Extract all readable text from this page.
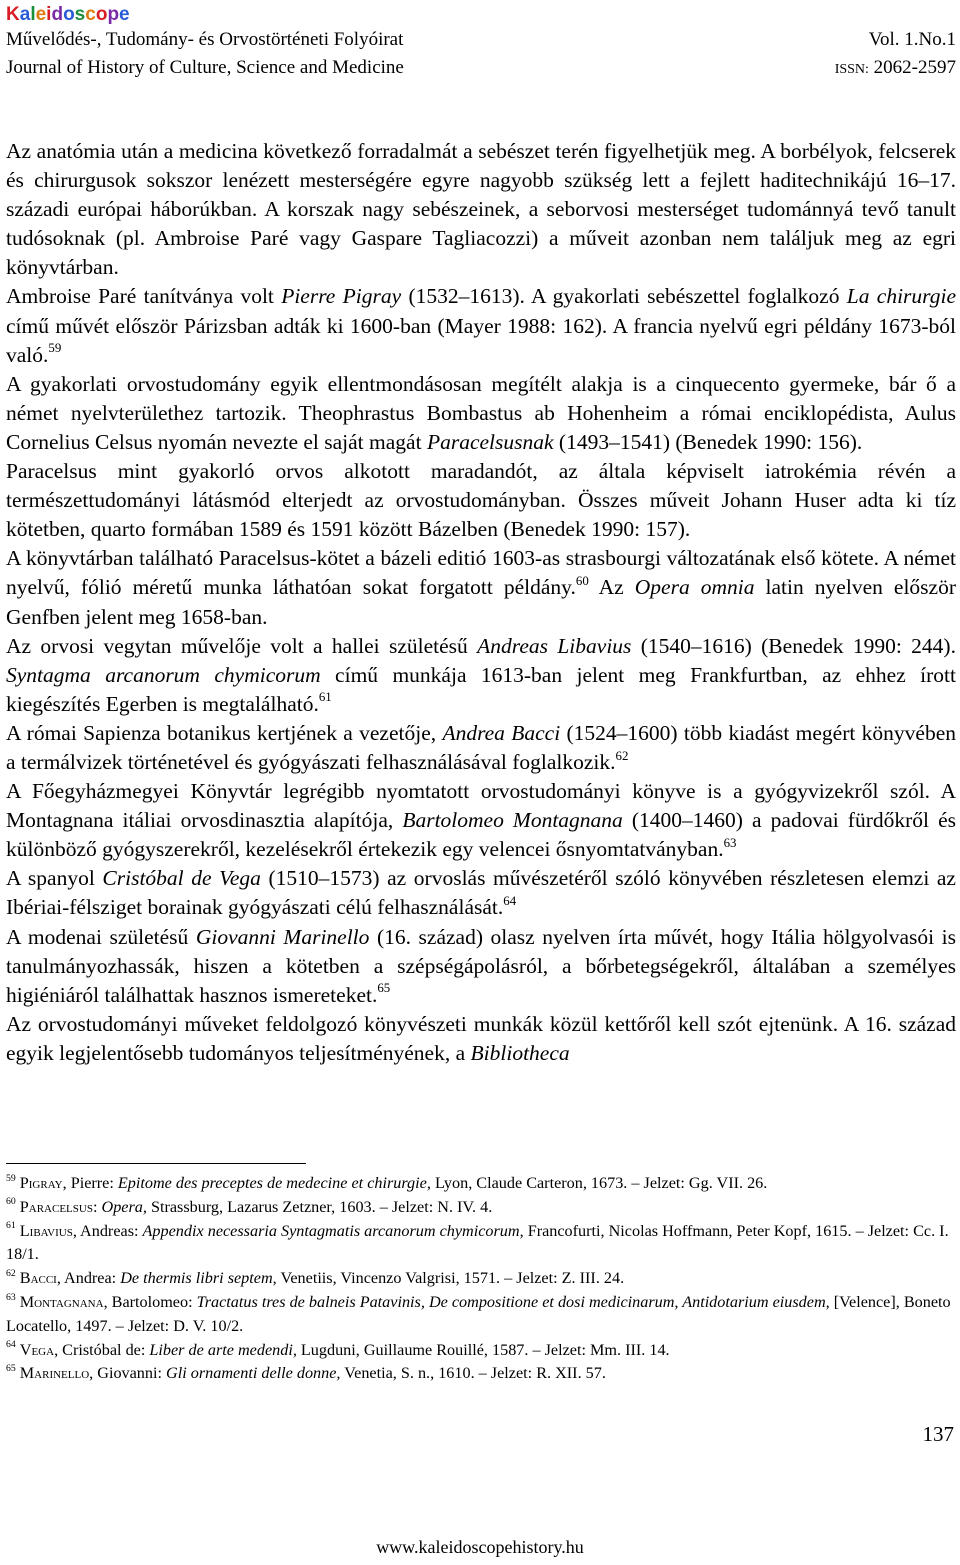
Kaleidoscope
Művelődés-, Tudomány- és Orvostörténeti Folyóirat	Vol. 1.No.1
Journal of History of Culture, Science and Medicine	ISSN: 2062-2597

Az anatómia után a medicina következő forradalmát a sebészet terén figyelhetjük meg. A borbélyok, felcserek és chirurgusok sokszor lenézett mesterségére egyre nagyobb szükség lett a fejlett haditechnikájú 16–17. századi európai háborúkban. A korszak nagy sebészeinek, a seborvosi mesterséget tudománnyá tevő tanult tudósoknak (pl. Ambroise Paré vagy Gaspare Tagliacozzi) a műveit azonban nem találjuk meg az egri könyvtárban.

Ambroise Paré tanítványa volt Pierre Pigray (1532–1613). A gyakorlati sebészettel foglalkozó La chirurgie című művét először Párizsban adták ki 1600-ban (Mayer 1988: 162). A francia nyelvű egri példány 1673-ból való.$^{59}$

A gyakorlati orvostudomány egyik ellentmondásosan megítélt alakja is a cinquecento gyermeke, bár ő a német nyelvterülethez tartozik. Theophrastus Bombastus ab Hohenheim a római enciklopédista, Aulus Cornelius Celsus nyomán nevezte el saját magát Paracelsusnak (1493–1541) (Benedek 1990: 156).

Paracelsus mint gyakorló orvos alkotott maradandót, az általa képviselt iatrokémia révén a természettudományi látásmód elterjedt az orvostudományban. Összes műveit Johann Huser adta ki tíz kötetben, quarto formában 1589 és 1591 között Bázelben (Benedek 1990: 157).

A könyvtárban található Paracelsus-kötet a bázeli editió 1603-as strasbourgi változatának első kötete. A német nyelvű, fólió méretű munka láthatóan sokat forgatott példány.$^{60}$ Az Opera omnia latin nyelven először Genfben jelent meg 1658-ban.

Az orvosi vegytan művelője volt a hallei születésű Andreas Libavius (1540–1616) (Benedek 1990: 244). Syntagma arcanorum chymicorum című munkája 1613-ban jelent meg Frankfurtban, az ehhez írott kiegészítés Egerben is megtalálható.$^{61}$

A római Sapienza botanikus kertjének a vezetője, Andrea Bacci (1524–1600) több kiadást megért könyvében a termálvizek történetével és gyógyászati felhasználásával foglalkozik.$^{62}$

A Főegyházmegyei Könyvtár legrégibb nyomtatott orvostudományi könyve is a gyógyvizekről szól. A Montagnana itáliai orvosdinasztia alapítója, Bartolomeo Montagnana (1400–1460) a padovai fürdőkről és különböző gyógyszerekről, kezelésekről értekezik egy velencei ősnyomtatványban.$^{63}$

A spanyol Cristóbal de Vega (1510–1573) az orvoslás művészetéről szóló könyvében részletesen elemzi az Ibériai-félsziget borainak gyógyászati célú felhasználását.$^{64}$

A modenai születésű Giovanni Marinello (16. század) olasz nyelven írta művét, hogy Itália hölgyolvasói is tanulmányozhassák, hiszen a kötetben a szépségápolásról, a bőrbetegségekről, általában a személyes higiéniáról találhattak hasznos ismereteket.$^{65}$

Az orvostudományi műveket feldolgozó könyvészeti munkák közül kettőről kell szót ejtenünk. A 16. század egyik legjelentősebb tudományos teljesítményének, a Bibliotheca

$^{59}$ Pigray, Pierre: Epitome des preceptes de medecine et chirurgie, Lyon, Claude Carteron, 1673. – Jelzet: Gg. VII. 26.
$^{60}$ Paracelsus: Opera, Strassburg, Lazarus Zetzner, 1603. – Jelzet: N. IV. 4.
$^{61}$ Libavius, Andreas: Appendix necessaria Syntagmatis arcanorum chymicorum, Francofurti, Nicolas Hoffmann, Peter Kopf, 1615. – Jelzet: Cc. I. 18/1.
$^{62}$ Bacci, Andrea: De thermis libri septem, Venetiis, Vincenzo Valgrisi, 1571. – Jelzet: Z. III. 24.
$^{63}$ Montagnana, Bartolomeo: Tractatus tres de balneis Patavinis, De compositione et dosi medicinarum, Antidotarium eiusdem, [Velence], Boneto Locatello, 1497. – Jelzet: D. V. 10/2.
$^{64}$ Vega, Cristóbal de: Liber de arte medendi, Lugduni, Guillaume Rouillé, 1587. – Jelzet: Mm. III. 14.
$^{65}$ Marinello, Giovanni: Gli ornamenti delle donne, Venetia, S. n., 1610. – Jelzet: R. XII. 57.
137
www.kaleidoscopehistory.hu
